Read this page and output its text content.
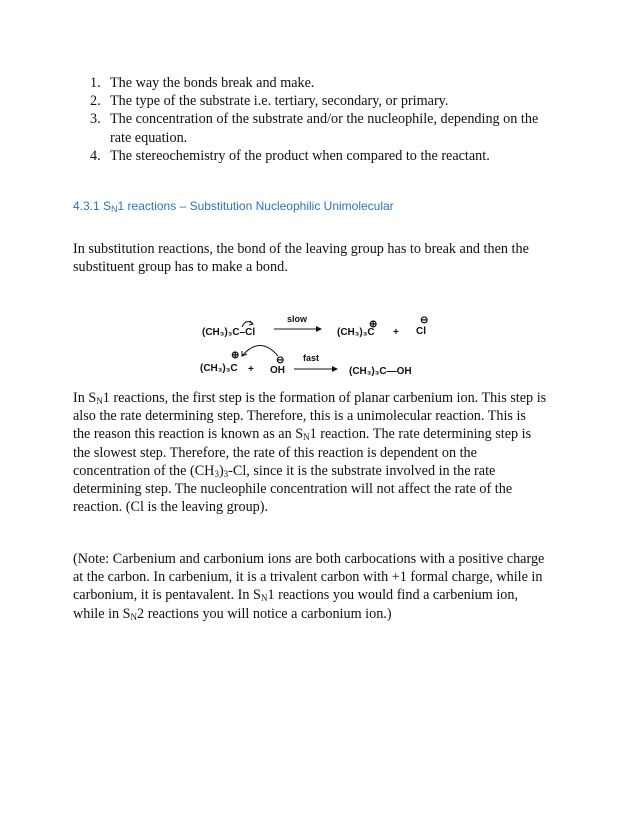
1. The way the bonds break and make.
2. The type of the substrate i.e. tertiary, secondary, or primary.
3. The concentration of the substrate and/or the nucleophile, depending on the
rate equation.
4. The stereochemistry of the product when compared to the reactant.
4.3.1 $S_N1$ reactions – Substitution Nucleophilic Unimolecular

In substitution reactions, the bond of the leaving group has to break and then the
substituent group has to make a bond.

(CH₃)₃C–Cl
slow	⊕
(CH₃)₃C +
⊖
Cl
⊕
(CH₃)₃C +
⊖
OH
fast
(CH₃)₃C—OH

In $S_N1$ reactions, the first step is the formation of planar carbenium ion. This step is
also the rate determining step. Therefore, this is a unimolecular reaction. This is
the reason this reaction is known as an $S_N1$ reaction. The rate determining step is
the slowest step. Therefore, the rate of this reaction is dependent on the
concentration of the $(CH_3)_3-Cl$, since it is the substrate involved in the rate
determining step. The nucleophile concentration will not affect the rate of the
reaction. (Cl is the leaving group).

(Note: Carbenium and carbonium ions are both carbocations with a positive charge
at the carbon. In carbenium, it is a trivalent carbon with +1 formal charge, while in
carbonium, it is pentavalent. In $S_N1$ reactions you would find a carbenium ion,
while in $S_N2$ reactions you will notice a carbonium ion.)
